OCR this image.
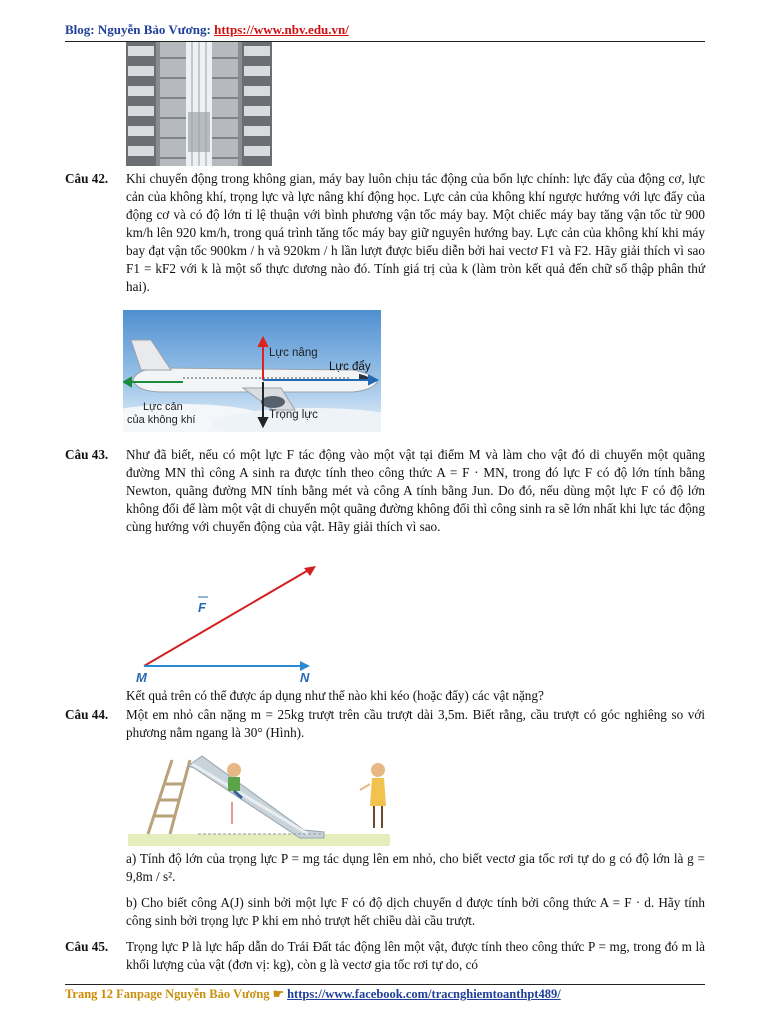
Blog: Nguyễn Bảo Vương: https://www.nbv.edu.vn/
Câu 42. Khi chuyển động trong không gian, máy bay luôn chịu tác động của bốn lực chính: lực đẩy của động cơ, lực cản của không khí, trọng lực và lực nâng khí động học. Lực cản của không khí ngược hướng với lực đẩy của động cơ và có độ lớn tỉ lệ thuận với bình phương vận tốc máy bay. Một chiếc máy bay tăng vận tốc từ 900 km/h lên 920 km/h, trong quá trình tăng tốc máy bay giữ nguyên hướng bay. Lực cản của không khí khi máy bay đạt vận tốc 900km / h và 920km / h lần lượt được biểu diễn bởi hai vectơ F1 và F2. Hãy giải thích vì sao F1 = kF2 với k là một số thực dương nào đó. Tính giá trị của k (làm tròn kết quả đến chữ số thập phân thứ hai).
Lực nâng
Lực đẩy
Lực cản
của không khí	Trọng lực
Câu 43. Như đã biết, nếu có một lực F tác động vào một vật tại điểm M và làm cho vật đó di chuyển một quãng đường MN thì công A sinh ra được tính theo công thức A = F · MN, trong đó lực F có độ lớn tính bằng Newton, quãng đường MN tính bằng mét và công A tính bằng Jun. Do đó, nếu dùng một lực F có độ lớn không đổi để làm một vật di chuyển một quãng đường không đổi thì công sinh ra sẽ lớn nhất khi lực tác động cùng hướng với chuyển động của vật. Hãy giải thích vì sao.
F
M	N
Kết quả trên có thể được áp dụng như thế nào khi kéo (hoặc đẩy) các vật nặng?
Câu 44. Một em nhỏ cân nặng m = 25kg trượt trên cầu trượt dài 3,5m. Biết rằng, cầu trượt có góc nghiêng so với phương nằm ngang là 30° (Hình).
a) Tính độ lớn của trọng lực P = mg tác dụng lên em nhỏ, cho biết vectơ gia tốc rơi tự do g có độ lớn là g = 9,8m / s².
b) Cho biết công A(J) sinh bởi một lực F có độ dịch chuyển d được tính bởi công thức A = F · d. Hãy tính công sinh bởi trọng lực P khi em nhỏ trượt hết chiều dài cầu trượt.
Câu 45. Trọng lực P là lực hấp dẫn do Trái Đất tác động lên một vật, được tính theo công thức P = mg, trong đó m là khối lượng của vật (đơn vị: kg), còn g là vectơ gia tốc rơi tự do, có
Trang 12 Fanpage Nguyễn Bảo Vương ☛ https://www.facebook.com/tracnghiemtoanthpt489/
